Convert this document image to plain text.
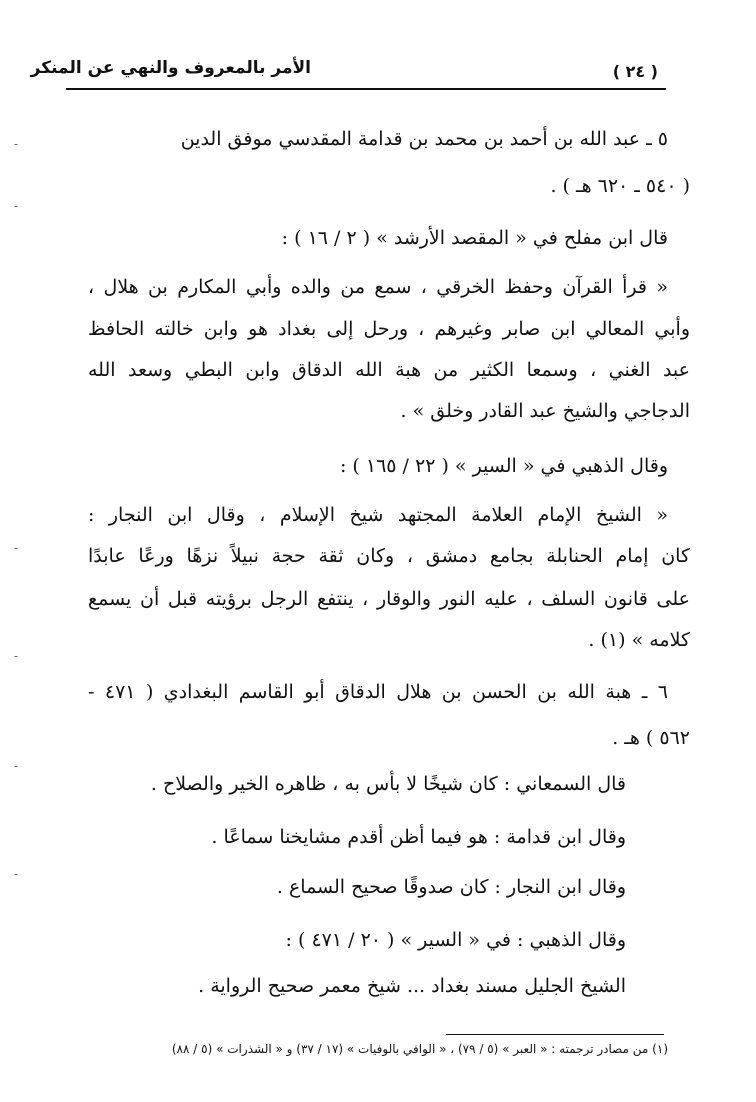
( ٢٤ )
الأمر بالمعروف والنهي عن المنكر
٥ ـ عبد الله بن أحمد بن محمد بن قدامة المقدسي موفق الدين
( ٥٤٠ ـ ٦٢٠ هـ ) .
قال ابن مفلح في « المقصد الأرشد » ( ٢ / ١٦ ) :
« قرأ القرآن وحفظ الخرقي ، سمع من والده وأبي المكارم بن هلال ،
وأبي المعالي ابن صابر وغيرهم ، ورحل إلى بغداد هو وابن خالته الحافظ
عبد الغني ، وسمعا الكثير من هبة الله الدقاق وابن البطي وسعد الله
الدجاجي والشيخ عبد القادر وخلق » .
وقال الذهبي في « السير » ( ٢٢ / ١٦٥ ) :
« الشيخ الإمام العلامة المجتهد شيخ الإسلام ، وقال ابن النجار :
كان إمام الحنابلة بجامع دمشق ، وكان ثقة حجة نبيلاً نزهًا ورعًا عابدًا
على قانون السلف ، عليه النور والوقار ، ينتفع الرجل برؤيته قبل أن يسمع
كلامه » (١) .
٦ ـ هبة الله بن الحسن بن هلال الدقاق أبو القاسم البغدادي ( ٤٧١ -
٥٦٢ ) هـ .
قال السمعاني : كان شيخًا لا بأس به ، ظاهره الخير والصلاح .
وقال ابن قدامة : هو فيما أظن أقدم مشايخنا سماعًا .
وقال ابن النجار : كان صدوقًا صحيح السماع .
وقال الذهبي : في « السير » ( ٢٠ / ٤٧١ ) :
الشيخ الجليل مسند بغداد ... شيخ معمر صحيح الرواية .
(١) من مصادر ترجمته : « العبر » (٥ / ٧٩) ، « الوافي بالوفيات » (١٧ / ٣٧) و « الشذرات » (٥ / ٨٨)
-
-
-
-
-
-
